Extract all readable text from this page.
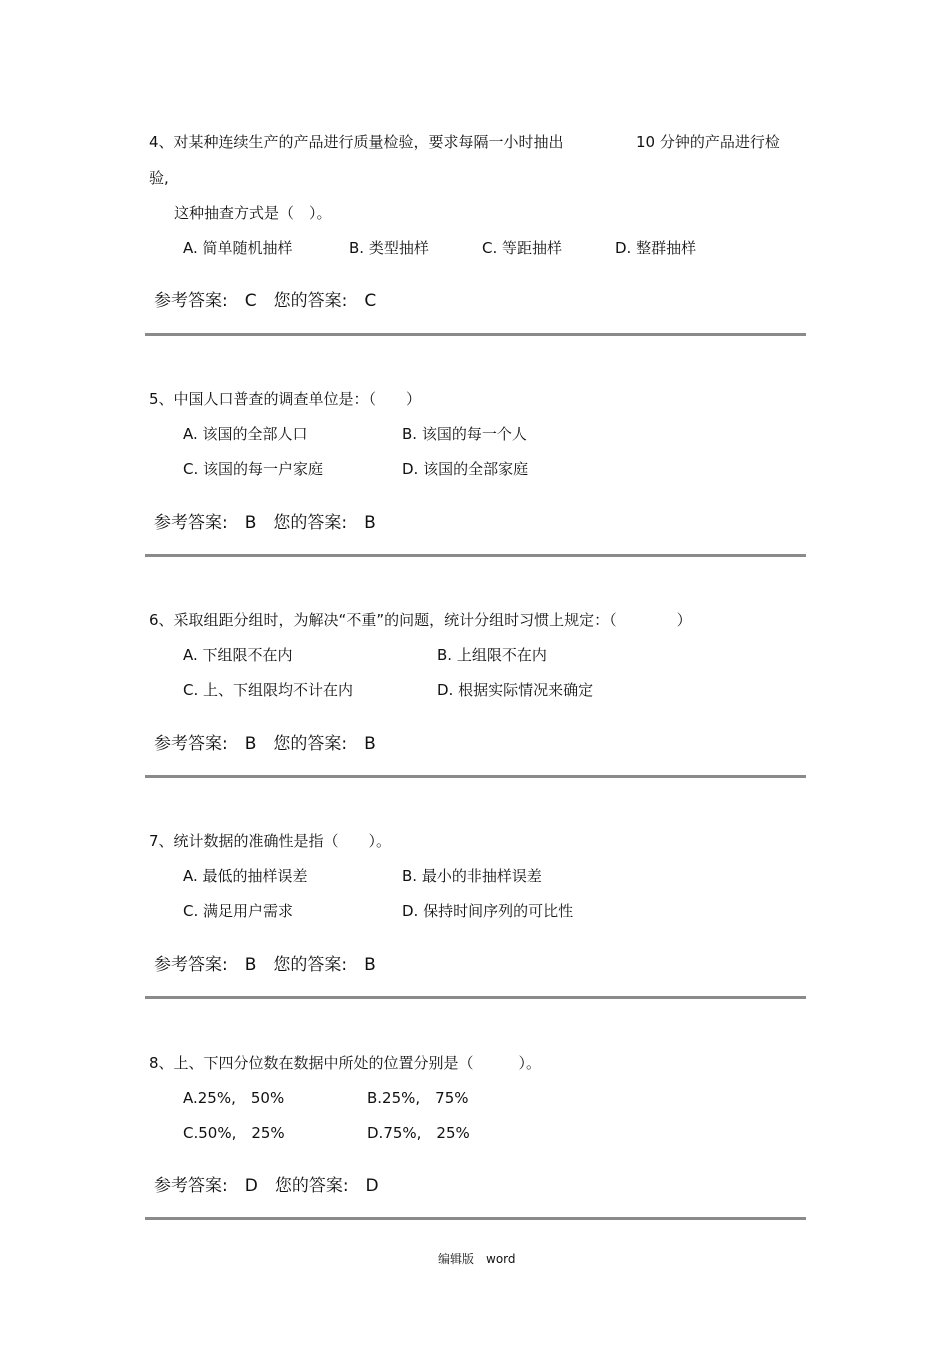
4、对某种连续生产的产品进行质量检验，要求每隔一小时抽出	10 分钟的产品进行检
验,
这种抽查方式是（　）。
A. 简单随机抽样	B. 类型抽样	C. 等距抽样	D. 整群抽样
参考答案:　C　您的答案:　C
5、中国人口普查的调查单位是：（　　）
A. 该国的全部人口	B. 该国的每一个人
C. 该国的每一户家庭	D. 该国的全部家庭
参考答案:　B　您的答案:　B
6、采取组距分组时，为解决“不重”的问题，统计分组时习惯上规定：（　　　　）
A. 下组限不在内	B. 上组限不在内
C. 上、下组限均不计在内	D. 根据实际情况来确定
参考答案:　B　您的答案:　B
7、统计数据的准确性是指（　　）。
A. 最低的抽样误差	B. 最小的非抽样误差
C. 满足用户需求	D. 保持时间序列的可比性
参考答案:　B　您的答案:　B
8、上、下四分位数在数据中所处的位置分别是（　　　）。
A.25%,　50%	B.25%,　75%
C.50%,　25%	D.75%,　25%
参考答案:　D　您的答案:　D
编辑版　word
